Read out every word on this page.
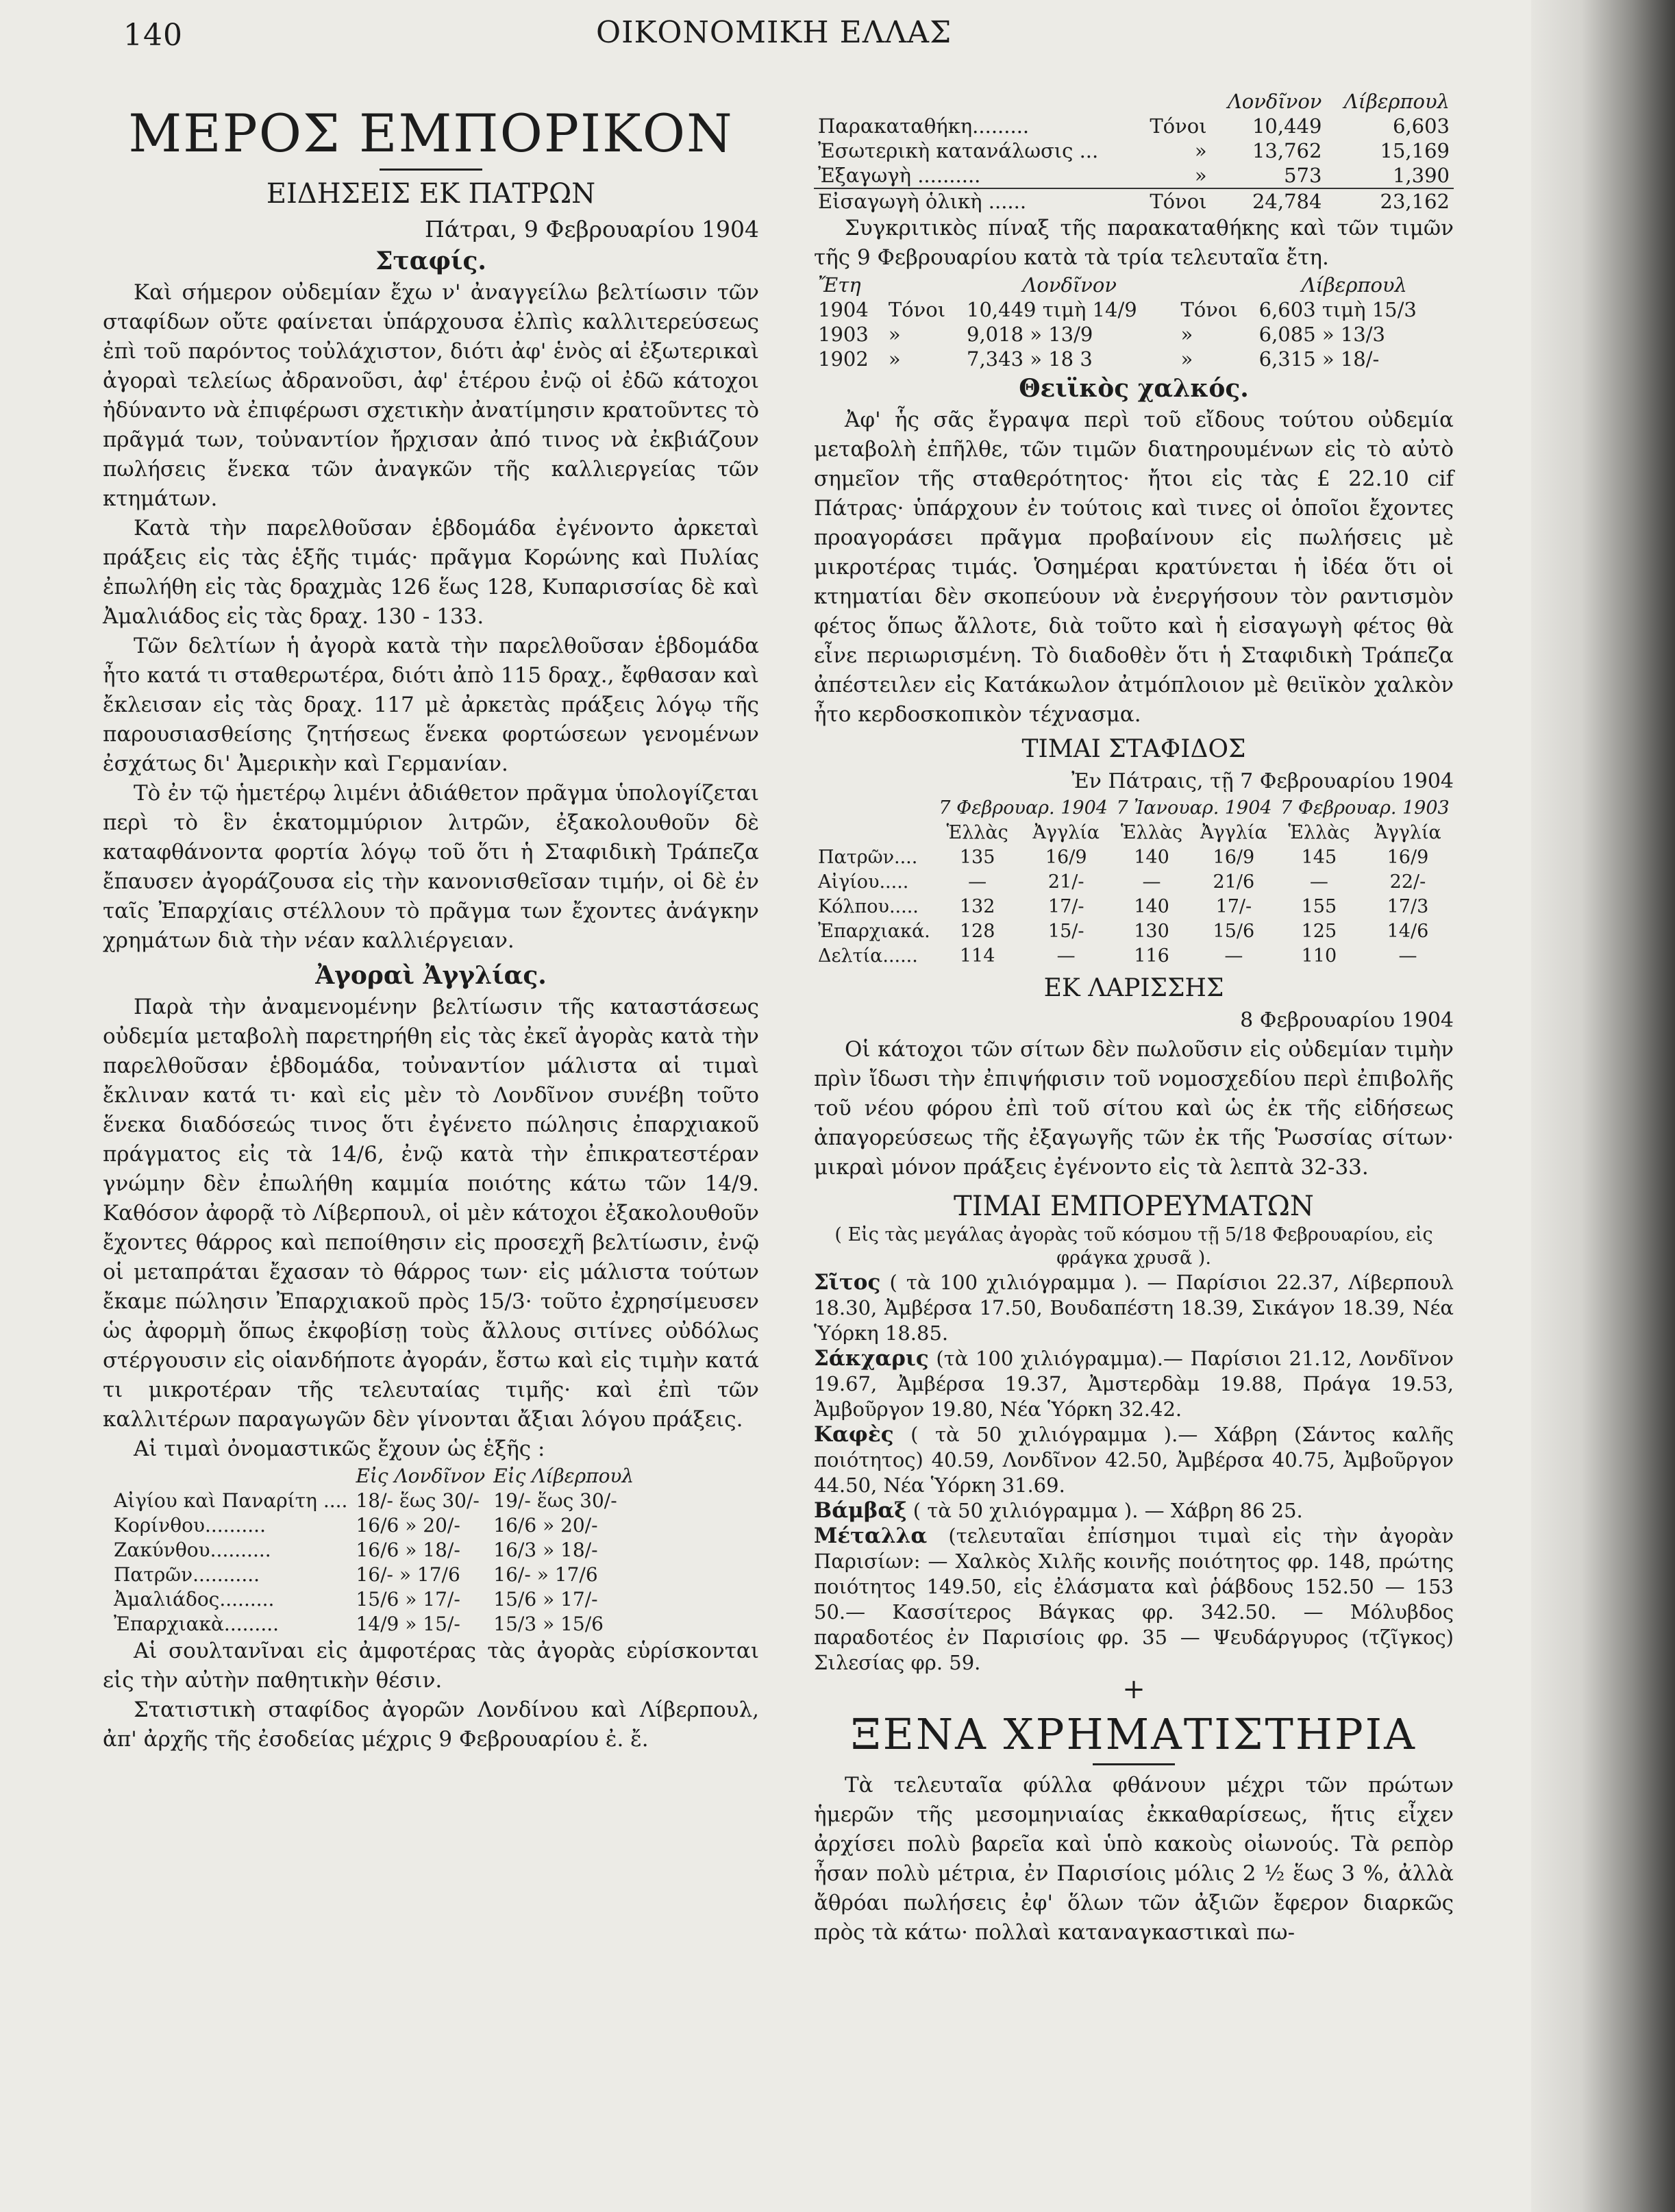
140	ΟΙΚΟΝΟΜΙΚΗ ΕΛΛΑΣ
ΜΕΡΟΣ ΕΜΠΟΡΙΚΟΝ
ΕΙΔΗΣΕΙΣ ΕΚ ΠΑΤΡΩΝ
Πάτραι, 9 Φεβρουαρίου 1904
Σταφίς.

Καὶ σήμερον οὐδεμίαν ἔχω ν' ἀναγγείλω βελτίωσιν τῶν σταφίδων οὔτε φαίνεται ὑπάρχουσα ἐλπὶς καλλιτερεύσεως ἐπὶ τοῦ παρόντος τοὐλάχιστον, διότι ἀφ' ἑνὸς αἱ ἐξωτερικαὶ ἀγοραὶ τελείως ἀδρανοῦσι, ἀφ' ἑτέρου ἐνῷ οἱ ἐδῶ κάτοχοι ἠδύναντο νὰ ἐπιφέρωσι σχετικὴν ἀνατίμησιν κρατοῦντες τὸ πρᾶγμά των, τοὐναντίον ἤρχισαν ἀπό τινος νὰ ἐκβιάζουν πωλήσεις ἕνεκα τῶν ἀναγκῶν τῆς καλλιεργείας τῶν κτημάτων.

Κατὰ τὴν παρελθοῦσαν ἑβδομάδα ἐγένοντο ἀρκεταὶ πράξεις εἰς τὰς ἑξῆς τιμάς· πρᾶγμα Κορώνης καὶ Πυλίας ἐπωλήθη εἰς τὰς δραχμὰς 126 ἕως 128, Κυπαρισσίας δὲ καὶ Ἀμαλιάδος εἰς τὰς δραχ. 130 - 133.

Τῶν δελτίων ἡ ἀγορὰ κατὰ τὴν παρελθοῦσαν ἑβδομάδα ἦτο κατά τι σταθερωτέρα, διότι ἀπὸ 115 δραχ., ἔφθασαν καὶ ἔκλεισαν εἰς τὰς δραχ. 117 μὲ ἀρκετὰς πράξεις λόγῳ τῆς παρουσιασθείσης ζητήσεως ἕνεκα φορτώσεων γενομένων ἐσχάτως δι' Ἀμερικὴν καὶ Γερμανίαν.

Τὸ ἐν τῷ ἡμετέρῳ λιμένι ἀδιάθετον πρᾶγμα ὑπολογίζεται περὶ τὸ ἓν ἑκατομμύριον λιτρῶν, ἐξακολουθοῦν δὲ καταφθάνοντα φορτία λόγῳ τοῦ ὅτι ἡ Σταφιδικὴ Τράπεζα ἔπαυσεν ἀγοράζουσα εἰς τὴν κανονισθεῖσαν τιμήν, οἱ δὲ ἐν ταῖς Ἐπαρχίαις στέλλουν τὸ πρᾶγμα των ἔχοντες ἀνάγκην χρημάτων διὰ τὴν νέαν καλλιέργειαν.

Ἀγοραὶ Ἀγγλίας.

Παρὰ τὴν ἀναμενομένην βελτίωσιν τῆς καταστάσεως οὐδεμία μεταβολὴ παρετηρήθη εἰς τὰς ἐκεῖ ἀγορὰς κατὰ τὴν παρελθοῦσαν ἑβδομάδα, τοὐναντίον μάλιστα αἱ τιμαὶ ἔκλιναν κατά τι· καὶ εἰς μὲν τὸ Λονδῖνον συνέβη τοῦτο ἕνεκα διαδόσεώς τινος ὅτι ἐγένετο πώλησις ἐπαρχιακοῦ πράγματος εἰς τὰ 14/6, ἐνῷ κατὰ τὴν ἐπικρατεστέραν γνώμην δὲν ἐπωλήθη καμμία ποιότης κάτω τῶν 14/9. Καθόσον ἀφορᾷ τὸ Λίβερπουλ, οἱ μὲν κάτοχοι ἐξακολουθοῦν ἔχοντες θάρρος καὶ πεποίθησιν εἰς προσεχῆ βελτίωσιν, ἐνῷ οἱ μεταπράται ἔχασαν τὸ θάρρος των· εἰς μάλιστα τούτων ἔκαμε πώλησιν Ἐπαρχιακοῦ πρὸς 15/3· τοῦτο ἐχρησίμευσεν ὡς ἀφορμὴ ὅπως ἐκφοβίσῃ τοὺς ἄλλους σιτίνες οὐδόλως στέργουσιν εἰς οἱανδήποτε ἀγοράν, ἔστω καὶ εἰς τιμὴν κατά τι μικροτέραν τῆς τελευταίας τιμῆς· καὶ ἐπὶ τῶν καλλιτέρων παραγωγῶν δὲν γίνονται ἄξιαι λόγου πράξεις.

Αἱ τιμαὶ ὀνομαστικῶς ἔχουν ὡς ἑξῆς :

	Εἰς Λονδῖνον	Εἰς Λίβερπουλ
Αἰγίου καὶ Παναρίτη ....	18/- ἕως 30/-	19/- ἕως 30/-
Κορίνθου..........	16/6 » 20/-	16/6 » 20/-
Ζακύνθου..........	16/6 » 18/-	16/3 » 18/-
Πατρῶν...........	16/- » 17/6	16/- » 17/6
Ἀμαλιάδος.........	15/6 » 17/-	15/6 » 17/-
Ἐπαρχιακὰ.........	14/9 » 15/-	15/3 » 15/6

Αἱ σουλτανῖναι εἰς ἀμφοτέρας τὰς ἀγορὰς εὑρίσκονται εἰς τὴν αὐτὴν παθητικὴν θέσιν.

Στατιστικὴ σταφίδος ἀγορῶν Λονδίνου καὶ Λίβερπουλ, ἀπ' ἀρχῆς τῆς ἐσοδείας μέχρις 9 Φεβρουαρίου ἐ. ἔ.

		Λονδῖνον	Λίβερπουλ
Παρακαταθήκη.........	Τόνοι	10,449	6,603
Ἐσωτερικὴ κατανάλωσις ...	»	13,762	15,169
Ἐξαγωγὴ ..........	»	573	1,390
Εἰσαγωγὴ ὁλικὴ ......	Τόνοι	24,784	23,162

Συγκριτικὸς πίναξ τῆς παρακαταθήκης καὶ τῶν τιμῶν τῆς 9 Φεβρουαρίου κατὰ τὰ τρία τελευταῖα ἔτη.

Ἔτη		Λονδῖνον		Λίβερπουλ
1904	Τόνοι	10,449 τιμὴ 14/9	Τόνοι	6,603 τιμὴ 15/3
1903	»	9,018 » 13/9	»	6,085 » 13/3
1902	»	7,343 » 18 3	»	6,315 » 18/-
Θειϊκὸς χαλκός.

Ἀφ' ἧς σᾶς ἔγραψα περὶ τοῦ εἴδους τούτου οὐδεμία μεταβολὴ ἐπῆλθε, τῶν τιμῶν διατηρουμένων εἰς τὸ αὐτὸ σημεῖον τῆς σταθερότητος· ἤτοι εἰς τὰς £ 22.10 cif Πάτρας· ὑπάρχουν ἐν τούτοις καὶ τινες οἱ ὁποῖοι ἔχοντες προαγοράσει πρᾶγμα προβαίνουν εἰς πωλήσεις μὲ μικροτέρας τιμάς. Ὁσημέραι κρατύνεται ἡ ἰδέα ὅτι οἱ κτηματίαι δὲν σκοπεύουν νὰ ἐνεργήσουν τὸν ραντισμὸν φέτος ὅπως ἄλλοτε, διὰ τοῦτο καὶ ἡ εἰσαγωγὴ φέτος θὰ εἶνε περιωρισμένη. Τὸ διαδοθὲν ὅτι ἡ Σταφιδικὴ Τράπεζα ἀπέστειλεν εἰς Κατάκωλον ἀτμόπλοιον μὲ θειϊκὸν χαλκὸν ἦτο κερδοσκοπικὸν τέχνασμα.

ΤΙΜΑΙ ΣΤΑΦΙΔΟΣ
Ἐν Πάτραις, τῇ 7 Φεβρουαρίου 1904
	7 Φεβρουαρ. 1904		7 Ἰανουαρ. 1904		7 Φεβρουαρ. 1903	
	Ἑλλὰς	Ἀγγλία	Ἑλλὰς	Ἀγγλία	Ἑλλὰς	Ἀγγλία
Πατρῶν....	135	16/9	140	16/9	145	16/9
Αἰγίου.....	—	21/-	—	21/6	—	22/-
Κόλπου.....	132	17/-	140	17/-	155	17/3
Ἐπαρχιακά.	128	15/-	130	15/6	125	14/6
Δελτία......	114	—	116	—	110	—

ΕΚ ΛΑΡΙΣΣΗΣ
8 Φεβρουαρίου 1904

Οἱ κάτοχοι τῶν σίτων δὲν πωλοῦσιν εἰς οὐδεμίαν τιμὴν πρὶν ἴδωσι τὴν ἐπιψήφισιν τοῦ νομοσχεδίου περὶ ἐπιβολῆς τοῦ νέου φόρου ἐπὶ τοῦ σίτου καὶ ὡς ἐκ τῆς εἰδήσεως ἀπαγορεύσεως τῆς ἐξαγωγῆς τῶν ἐκ τῆς Ῥωσσίας σίτων· μικραὶ μόνον πράξεις ἐγένοντο εἰς τὰ λεπτὰ 32-33.

ΤΙΜΑΙ ΕΜΠΟΡΕΥΜΑΤΩΝ
( Εἰς τὰς μεγάλας ἀγορὰς τοῦ κόσμου τῇ 5/18 Φεβρουαρίου, εἰς φράγκα χρυσᾶ ).

Σῖτος ( τὰ 100 χιλιόγραμμα ). — Παρίσιοι 22.37, Λίβερπουλ 18.30, Ἀμβέρσα 17.50, Βουδαπέστη 18.39, Σικάγον 18.39, Νέα Ὑόρκη 18.85.

Σάκχαρις (τὰ 100 χιλιόγραμμα).— Παρίσιοι 21.12, Λονδῖνον 19.67, Ἀμβέρσα 19.37, Ἀμστερδὰμ 19.88, Πράγα 19.53, Ἀμβοῦργον 19.80, Νέα Ὑόρκη 32.42.

Καφὲς ( τὰ 50 χιλιόγραμμα ).— Χάβρη (Σάντος καλῆς ποιότητος) 40.59, Λονδῖνον 42.50, Ἀμβέρσα 40.75, Ἀμβοῦργον 44.50, Νέα Ὑόρκη 31.69.

Βάμβαξ ( τὰ 50 χιλιόγραμμα ). — Χάβρη 86 25.

Μέταλλα (τελευταῖαι ἐπίσημοι τιμαὶ εἰς τὴν ἀγορὰν Παρισίων: — Χαλκὸς Χιλῆς κοινῆς ποιότητος φρ. 148, πρώτης ποιότητος 149.50, εἰς ἐλάσματα καὶ ῥάβδους 152.50 — 153 50.— Κασσίτερος Βάγκας φρ. 342.50. — Μόλυβδος παραδοτέος ἐν Παρισίοις φρ. 35 — Ψευδάργυρος (τζῖγκος) Σιλεσίας φρ. 59.

+
ΞΕΝΑ ΧΡΗΜΑΤΙΣΤΗΡΙΑ

Τὰ τελευταῖα φύλλα φθάνουν μέχρι τῶν πρώτων ἡμερῶν τῆς μεσομηνιαίας ἐκκαθαρίσεως, ἥτις εἶχεν ἀρχίσει πολὺ βαρεῖα καὶ ὑπὸ κακοὺς οἰωνούς. Τὰ ρεπὸρ ἦσαν πολὺ μέτρια, ἐν Παρισίοις μόλις 2 ½ ἕως 3 %, ἀλλὰ ἄθρόαι πωλήσεις ἐφ' ὅλων τῶν ἀξιῶν ἔφερον διαρκῶς πρὸς τὰ κάτω· πολλαὶ καταναγκαστικαὶ πω-
